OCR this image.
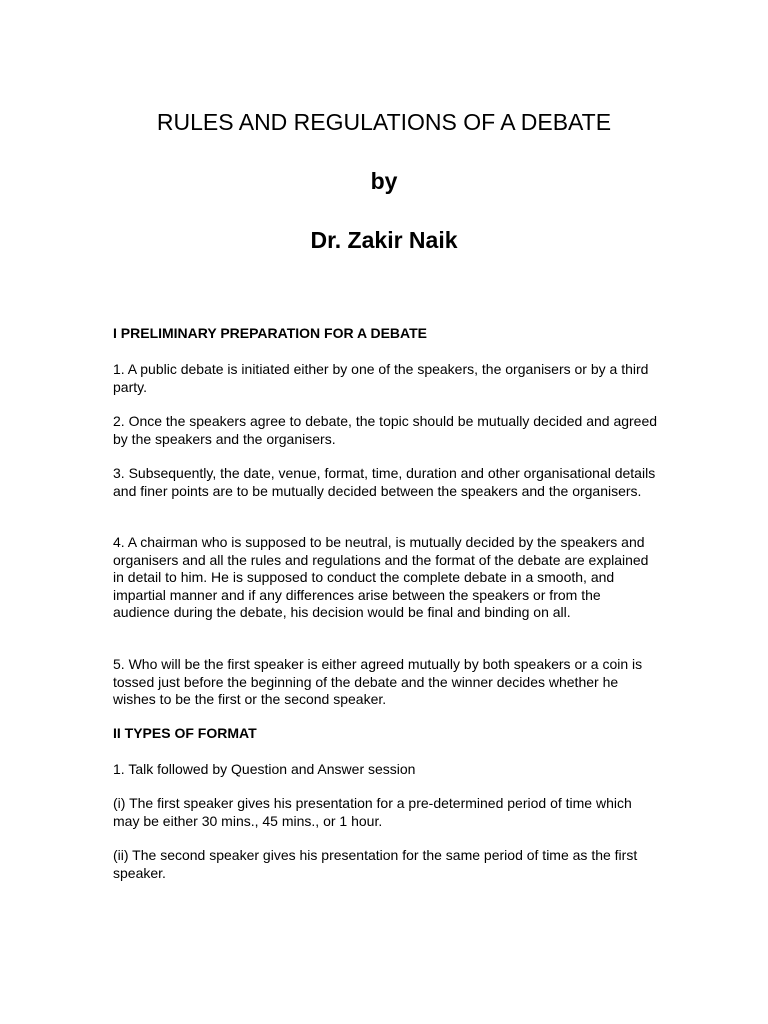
RULES AND REGULATIONS OF A DEBATE
by
Dr. Zakir Naik
I PRELIMINARY PREPARATION FOR A DEBATE

1. A public debate is initiated either by one of the speakers, the organisers or by a third party.

2. Once the speakers agree to debate, the topic should be mutually decided and agreed by the speakers and the organisers.

3. Subsequently, the date, venue, format, time, duration and other organisational details and finer points are to be mutually decided between the speakers and the organisers.

4. A chairman who is supposed to be neutral, is mutually decided by the speakers and organisers and all the rules and regulations and the format of the debate are explained in detail to him. He is supposed to conduct the complete debate in a smooth, and impartial manner and if any differences arise between the speakers or from the audience during the debate, his decision would be final and binding on all.

5. Who will be the first speaker is either agreed mutually by both speakers or a coin is tossed just before the beginning of the debate and the winner decides whether he wishes to be the first or the second speaker.

II TYPES OF FORMAT

1. Talk followed by Question and Answer session

(i) The first speaker gives his presentation for a pre-determined period of time which may be either 30 mins., 45 mins., or 1 hour.

(ii) The second speaker gives his presentation for the same period of time as the first speaker.
